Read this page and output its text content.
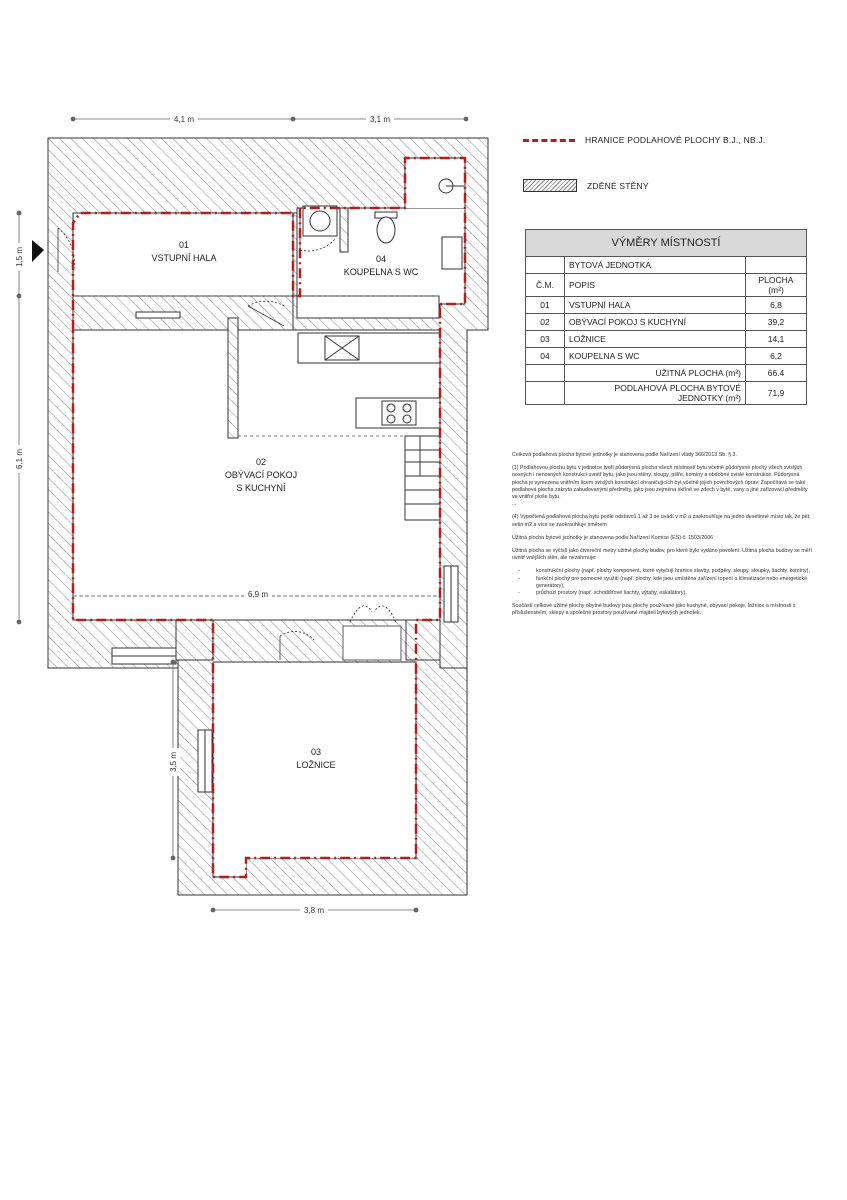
4,1 m	3,1 m
1,5 m
6,1 m
6,9 m
3,5 m
3,8 m
01
VSTUPNÍ HALA	04
KOUPELNA S WC
02
OBÝVACÍ POKOJ
S KUCHYNÍ
03
LOŽNICE
HRANICE PODLAHOVÉ PLOCHY B.J., NB.J.
ZDĚNÉ STĚNY
VÝMĚRY MÍSTNOSTÍ		
	BYTOVÁ JEDNOTKA	
Č.M.	POPIS	PLOCHA (m²)
01	VSTUPNÍ HALA	6,8
02	OBÝVACÍ POKOJ S KUCHYNÍ	39,2
03	LOŽNICE	14,1
04	KOUPELNA S WC	6,2
	UŽITNÁ PLOCHA (m²)	66.4
	PODLAHOVÁ PLOCHA BYTOVÉ JEDNOTKY (m²)	71,9

Celková podlahová plocha bytové jednotky je stanovena podle Nařízení vlády 366/2013 Sb. § 3.

(1) Podlahovou plochu bytu v jednotce tvoří půdorysná plocha všech místností bytu včetně půdorysné plochy všech svislých nosných i nenosných konstrukcí uvnitř bytu, jako jsou stěny, sloupy, pilíře, komíny a obdobné svislé konstrukce. Půdorysná plocha je vymezena vnitřním lícem svislých konstrukcí ohraničujících byt včetně jejich povrchových úprav. Započítává se také podlahová plocha zakrytá zabudovanými předměty, jako jsou zejména skříně ve zdech v bytě, vany a jiné zařizovací předměty ve vnitřní ploše bytu.

...

(4) Vypočtená podlahová plocha bytu podle odstavců 1 až 3 se uvádí v m2 a zaokrouhluje na jedno desetinné místo tak, že pět setin m2 a více se zaokrouhluje směrem

Užitná plocha bytové jednotky je stanovena podle Nařízení Komise (ES) č. 1503/2006

Užitná plocha se vyčíslí jako čtvereční metry užitné plochy budov, pro které bylo vydáno povolení. Užitná plocha budovy se měří uvnitř vnějších stěn, ale nezahrnuje:

- konstrukční plochy (např. plochy komponent, které vytyčují hranice stavby, podpěry, sloupy, sloupky, šachty, komíny),
- funkční plochy pro pomocné využití (např. plochy, kde jsou umístěna zařízení topení a klimatizace nebo energetické generátory),
- průchozí prostory (např. schodišťové šachty, výtahy, eskalátory).

Součástí celkové užitné plochy obytné budovy jsou plochy používané jako kuchyně, obývací pokoje, ložnice a místnosti s příslušenstvím, sklepy a společné prostory používané majiteli bytových jednotek.
